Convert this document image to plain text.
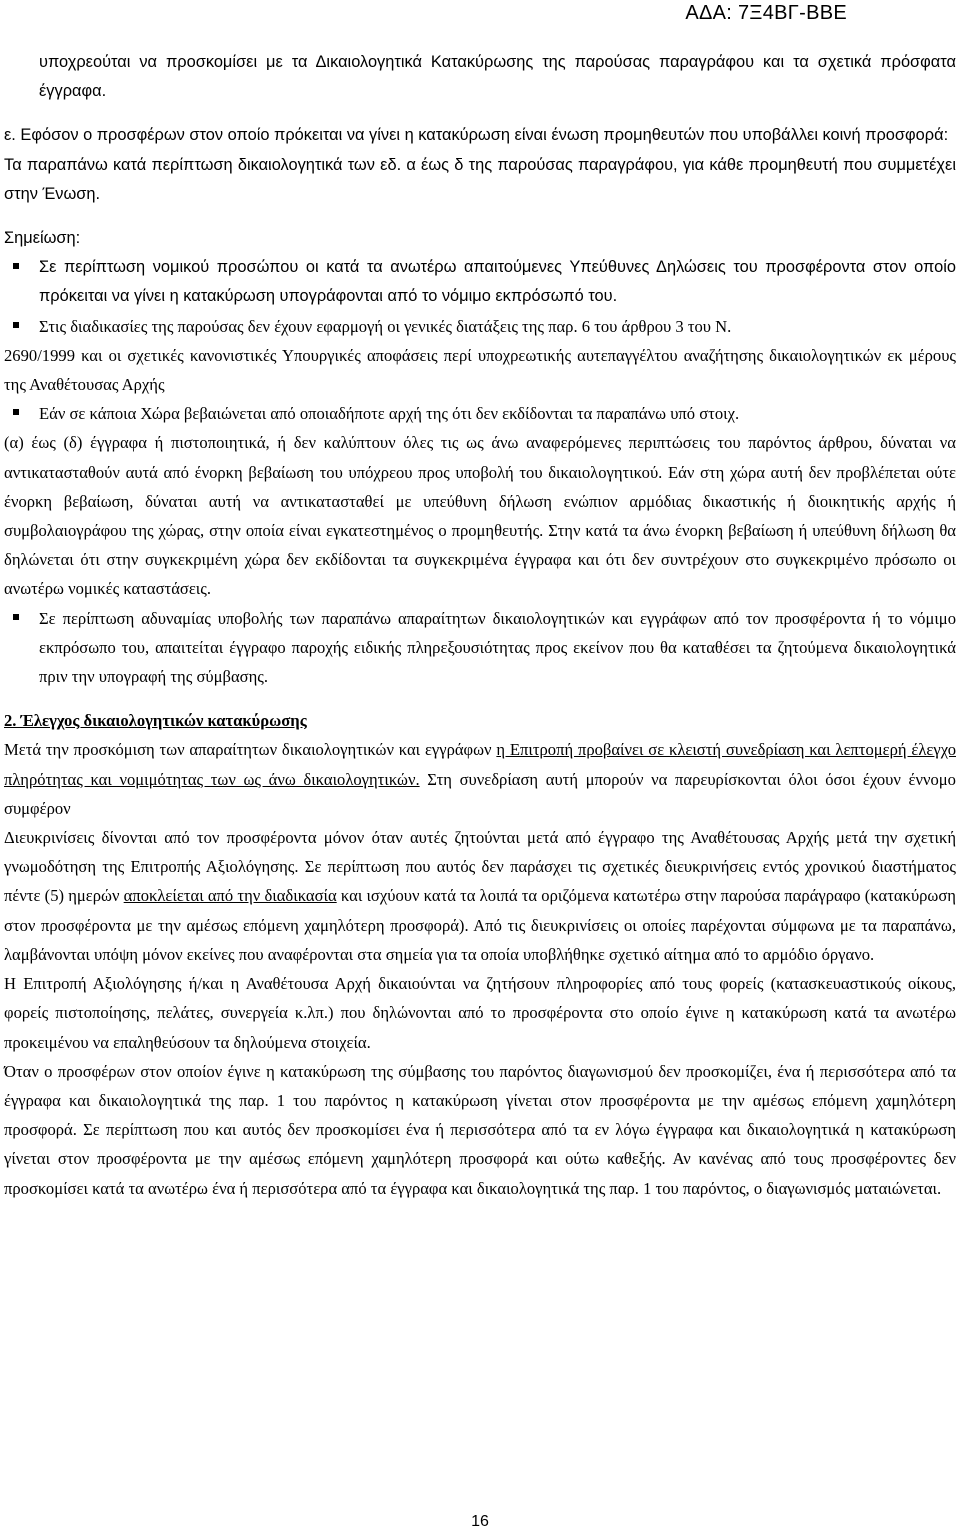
ΑΔΑ: 7Ξ4ΒΓ-ΒΒΕ

υποχρεούται να προσκομίσει με τα Δικαιολογητικά Κατακύρωσης της παρούσας παραγράφου και τα σχετικά πρόσφατα έγγραφα.

ε. Εφόσον ο προσφέρων στον οποίο πρόκειται να γίνει η κατακύρωση είναι ένωση προμηθευτών που υποβάλλει κοινή προσφορά:

Τα παραπάνω κατά περίπτωση δικαιολογητικά των εδ. α έως δ της παρούσας παραγράφου, για κάθε προμηθευτή που συμμετέχει στην Ένωση.

Σημείωση:

Σε περίπτωση νομικού προσώπου οι κατά τα ανωτέρω απαιτούμενες Υπεύθυνες Δηλώσεις του προσφέροντα στον οποίο πρόκειται να γίνει η κατακύρωση υπογράφονται από το νόμιμο εκπρόσωπό του.

Στις διαδικασίες της παρούσας δεν έχουν εφαρμογή οι γενικές διατάξεις της παρ. 6 του άρθρου 3 του Ν.

2690/1999 και οι σχετικές κανονιστικές Υπουργικές αποφάσεις περί υποχρεωτικής αυτεπαγγέλτου αναζήτησης δικαιολογητικών εκ μέρους της Αναθέτουσας Αρχής

Εάν σε κάποια Χώρα βεβαιώνεται από οποιαδήποτε αρχή της ότι δεν εκδίδονται τα παραπάνω υπό στοιχ.

(α) έως (δ) έγγραφα ή πιστοποιητικά, ή δεν καλύπτουν όλες τις ως άνω αναφερόμενες περιπτώσεις του παρόντος άρθρου, δύναται να αντικατασταθούν αυτά από ένορκη βεβαίωση του υπόχρεου προς υποβολή του δικαιολογητικού. Εάν στη χώρα αυτή δεν προβλέπεται ούτε ένορκη βεβαίωση, δύναται αυτή να αντικατασταθεί με υπεύθυνη δήλωση ενώπιον αρμόδιας δικαστικής ή διοικητικής αρχής ή συμβολαιογράφου της χώρας, στην οποία είναι εγκατεστημένος ο προμηθευτής. Στην κατά τα άνω ένορκη βεβαίωση ή υπεύθυνη δήλωση θα δηλώνεται ότι στην συγκεκριμένη χώρα δεν εκδίδονται τα συγκεκριμένα έγγραφα και ότι δεν συντρέχουν στο συγκεκριμένο πρόσωπο οι ανωτέρω νομικές καταστάσεις.

Σε περίπτωση αδυναμίας υποβολής των παραπάνω απαραίτητων δικαιολογητικών και εγγράφων από τον προσφέροντα ή το νόμιμο εκπρόσωπο του, απαιτείται έγγραφο παροχής ειδικής πληρεξουσιότητας προς εκείνον που θα καταθέσει τα ζητούμενα δικαιολογητικά πριν την υπογραφή της σύμβασης.

2. Έλεγχος δικαιολογητικών κατακύρωσης

Μετά την προσκόμιση των απαραίτητων δικαιολογητικών και εγγράφων η Επιτροπή προβαίνει σε κλειστή συνεδρίαση και λεπτομερή έλεγχο πληρότητας και νομιμότητας των ως άνω δικαιολογητικών. Στη συνεδρίαση αυτή μπορούν να παρευρίσκονται όλοι όσοι έχουν έννομο συμφέρον

Διευκρινίσεις δίνονται από τον προσφέροντα μόνον όταν αυτές ζητούνται μετά από έγγραφο της Αναθέτουσας Αρχής μετά την σχετική γνωμοδότηση της Επιτροπής Αξιολόγησης. Σε περίπτωση που αυτός δεν παράσχει τις σχετικές διευκρινήσεις εντός χρονικού διαστήματος πέντε (5) ημερών αποκλείεται από την διαδικασία και ισχύουν κατά τα λοιπά τα οριζόμενα κατωτέρω στην παρούσα παράγραφο (κατακύρωση στον προσφέροντα με την αμέσως επόμενη χαμηλότερη προσφορά). Από τις διευκρινίσεις οι οποίες παρέχονται σύμφωνα με τα παραπάνω, λαμβάνονται υπόψη μόνον εκείνες που αναφέρονται στα σημεία για τα οποία υποβλήθηκε σχετικό αίτημα από το αρμόδιο όργανο.

Η Επιτροπή Αξιολόγησης ή/και η Αναθέτουσα Αρχή δικαιούνται να ζητήσουν πληροφορίες από τους φορείς (κατασκευαστικούς οίκους, φορείς πιστοποίησης, πελάτες, συνεργεία κ.λπ.) που δηλώνονται από το προσφέροντα στο οποίο έγινε η κατακύρωση κατά τα ανωτέρω προκειμένου να επαληθεύσουν τα δηλούμενα στοιχεία.

Όταν ο προσφέρων στον οποίον έγινε η κατακύρωση της σύμβασης του παρόντος διαγωνισμού δεν προσκομίζει, ένα ή περισσότερα από τα έγγραφα και δικαιολογητικά της παρ. 1 του παρόντος η κατακύρωση γίνεται στον προσφέροντα με την αμέσως επόμενη χαμηλότερη προσφορά. Σε περίπτωση που και αυτός δεν προσκομίσει ένα ή περισσότερα από τα εν λόγω έγγραφα και δικαιολογητικά η κατακύρωση γίνεται στον προσφέροντα με την αμέσως επόμενη χαμηλότερη προσφορά και ούτω καθεξής. Αν κανένας από τους προσφέροντες δεν προσκομίσει κατά τα ανωτέρω ένα ή περισσότερα από τα έγγραφα και δικαιολογητικά της παρ. 1 του παρόντος, ο διαγωνισμός ματαιώνεται.

16
